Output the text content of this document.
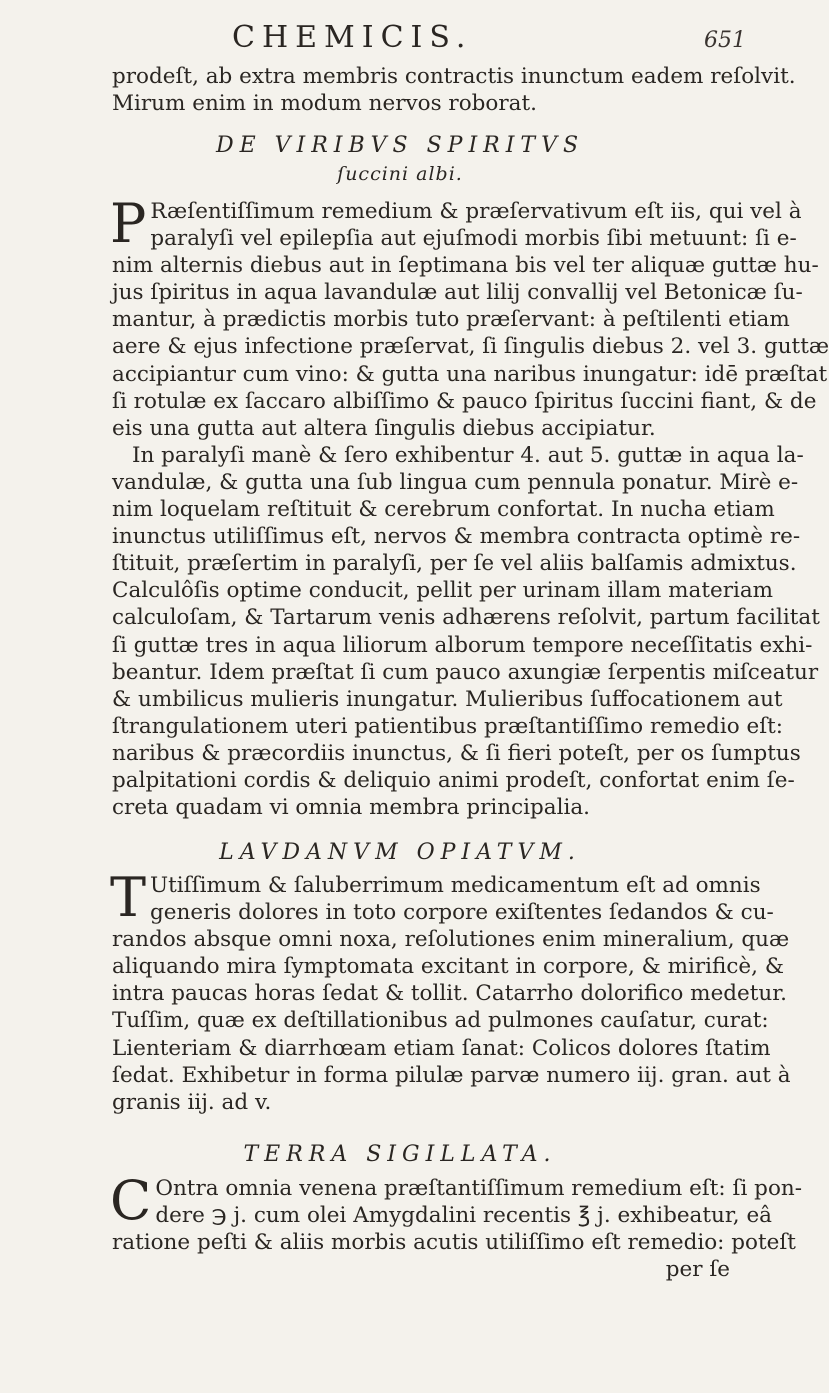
CHEMICIS.	651
prodeſt, ab extra membris contractis inunctum eadem reſolvit.
Mirum enim in modum nervos roborat.
DE VIRIBVS SPIRITVS
ſuccini albi.
P Ræſentiſſimum remedium & præſervativum eſt iis, qui vel à
paralyſi vel epilepſia aut ejuſmodi morbis ſibi metuunt: ſi e-
nim alternis diebus aut in ſeptimana bis vel ter aliquæ guttæ hu-
jus ſpiritus in aqua lavandulæ aut lilij convallij vel Betonicæ ſu-
mantur, à prædictis morbis tuto præſervant: à peſtilenti etiam
aere & ejus infectione præſervat, ſi ſingulis diebus 2. vel 3. guttæ
accipiantur cum vino: & gutta una naribus inungatur: idē præſtat
ſi rotulæ ex ſaccaro albiſſimo & pauco ſpiritus ſuccini fiant, & de
eis una gutta aut altera ſingulis diebus accipiatur.
In paralyſi manè & ſero exhibentur 4. aut 5. guttæ in aqua la-
vandulæ, & gutta una ſub lingua cum pennula ponatur. Mirè e-
nim loquelam reſtituit & cerebrum confortat. In nucha etiam
inunctus utiliſſimus eſt, nervos & membra contracta optimè re-
ſtituit, præſertim in paralyſi, per ſe vel aliis balſamis admixtus.
Calculôſis optime conducit, pellit per urinam illam materiam
calculoſam, & Tartarum venis adhærens reſolvit, partum facilitat
ſi guttæ tres in aqua liliorum alborum tempore neceſſitatis exhi-
beantur. Idem præſtat ſi cum pauco axungiæ ſerpentis miſceatur
& umbilicus mulieris inungatur. Mulieribus ſuffocationem aut
ſtrangulationem uteri patientibus præſtantiſſimo remedio eſt:
naribus & præcordiis inunctus, & ſi fieri poteſt, per os ſumptus
palpitationi cordis & deliquio animi prodeſt, confortat enim ſe-
creta quadam vi omnia membra principalia.
LAVDANVM OPIATVM.
T Utiſſimum & ſaluberrimum medicamentum eſt ad omnis
generis dolores in toto corpore exiſtentes ſedandos & cu-
randos absque omni noxa, reſolutiones enim mineralium, quæ
aliquando mira ſymptomata excitant in corpore, & mirificè, &
intra paucas horas ſedat & tollit. Catarrho dolorifico medetur.
Tuſſim, quæ ex deſtillationibus ad pulmones cauſatur, curat:
Lienteriam & diarrhœam etiam ſanat: Colicos dolores ſtatim
ſedat. Exhibetur in forma pilulæ parvæ numero iij. gran. aut à
granis iij. ad v.
TERRA SIGILLATA.
C Ontra omnia venena præſtantiſſimum remedium eſt: ſi pon-
dere ℈ j. cum olei Amygdalini recentis ℥ j. exhibeatur, eâ
ratione peſti & aliis morbis acutis utiliſſimo eſt remedio: poteſt
per ſe
